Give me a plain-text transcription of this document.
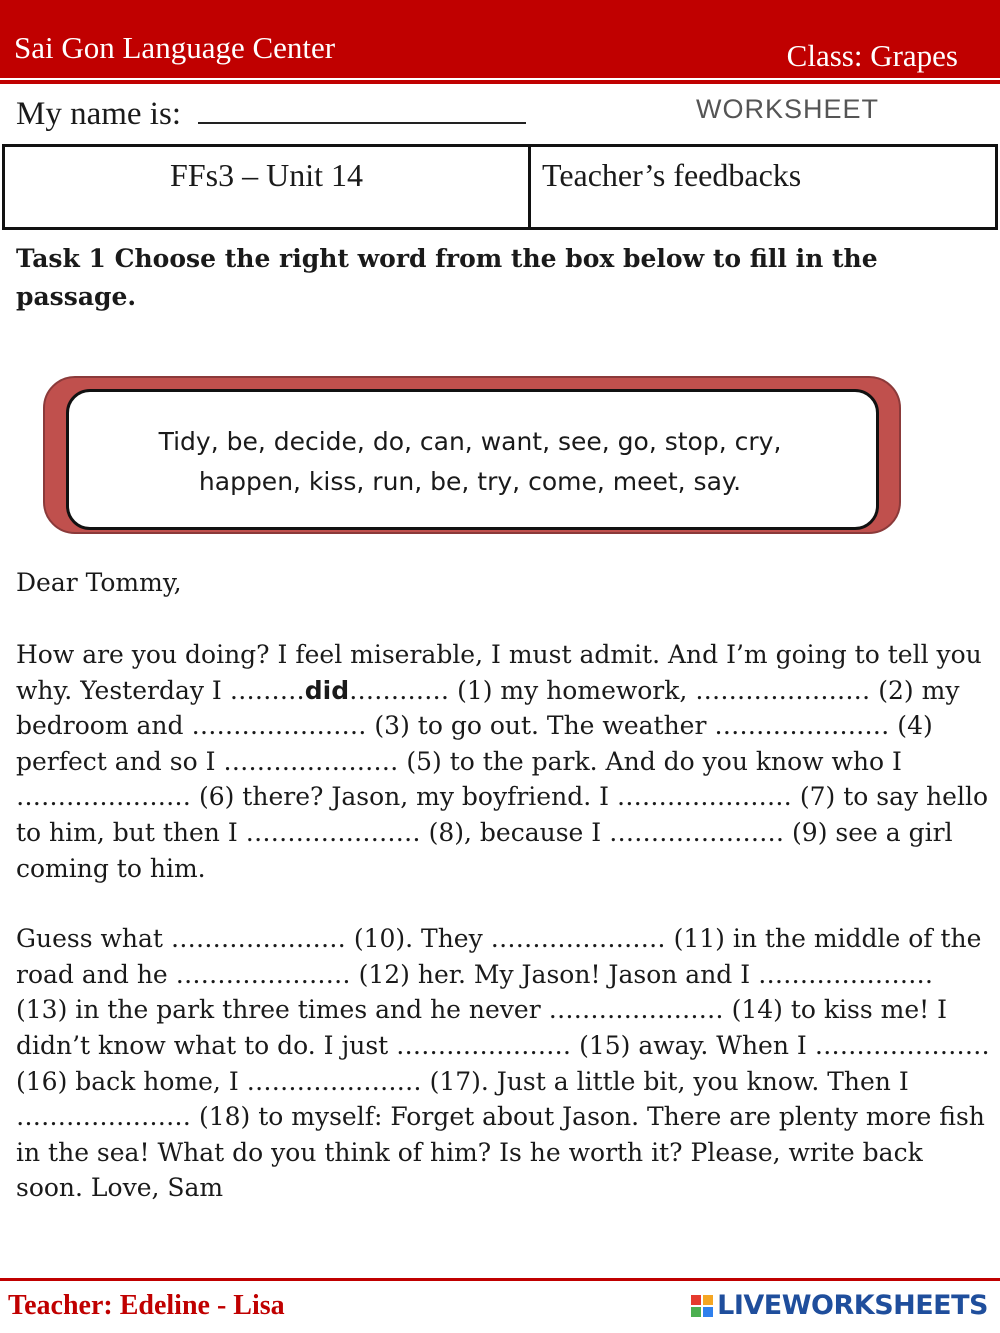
Sai Gon Language Center	Class: Grapes
My name is:	WORKSHEET
FFs3 – Unit 14	Teacher’s feedbacks
Task 1 Choose the right word from the box below to fill in the passage.
Tidy, be, decide, do, can, want, see, go, stop, cry,
happen, kiss, run, be, try, come, meet, say.

Dear Tommy,

How are you doing? I feel miserable, I must admit. And I’m going to tell you why. Yesterday I ………did………… (1) my homework, ………………… (2) my bedroom and ………………… (3) to go out. The weather ………………… (4) perfect and so I ………………… (5) to the park. And do you know who I ………………… (6) there? Jason, my boyfriend. I ………………… (7) to say hello to him, but then I ………………… (8), because I ………………… (9) see a girl coming to him.

Guess what ………………… (10). They ………………… (11) in the middle of the road and he ………………… (12) her. My Jason! Jason and I ………………… (13) in the park three times and he never ………………… (14) to kiss me! I didn’t know what to do. I just ………………… (15) away. When I ………………… (16) back home, I ………………… (17). Just a little bit, you know. Then I ………………… (18) to myself: Forget about Jason. There are plenty more fish in the sea! What do you think of him? Is he worth it? Please, write back soon. Love, Sam

Teacher: Edeline - Lisa	LIVEWORKSHEETS
